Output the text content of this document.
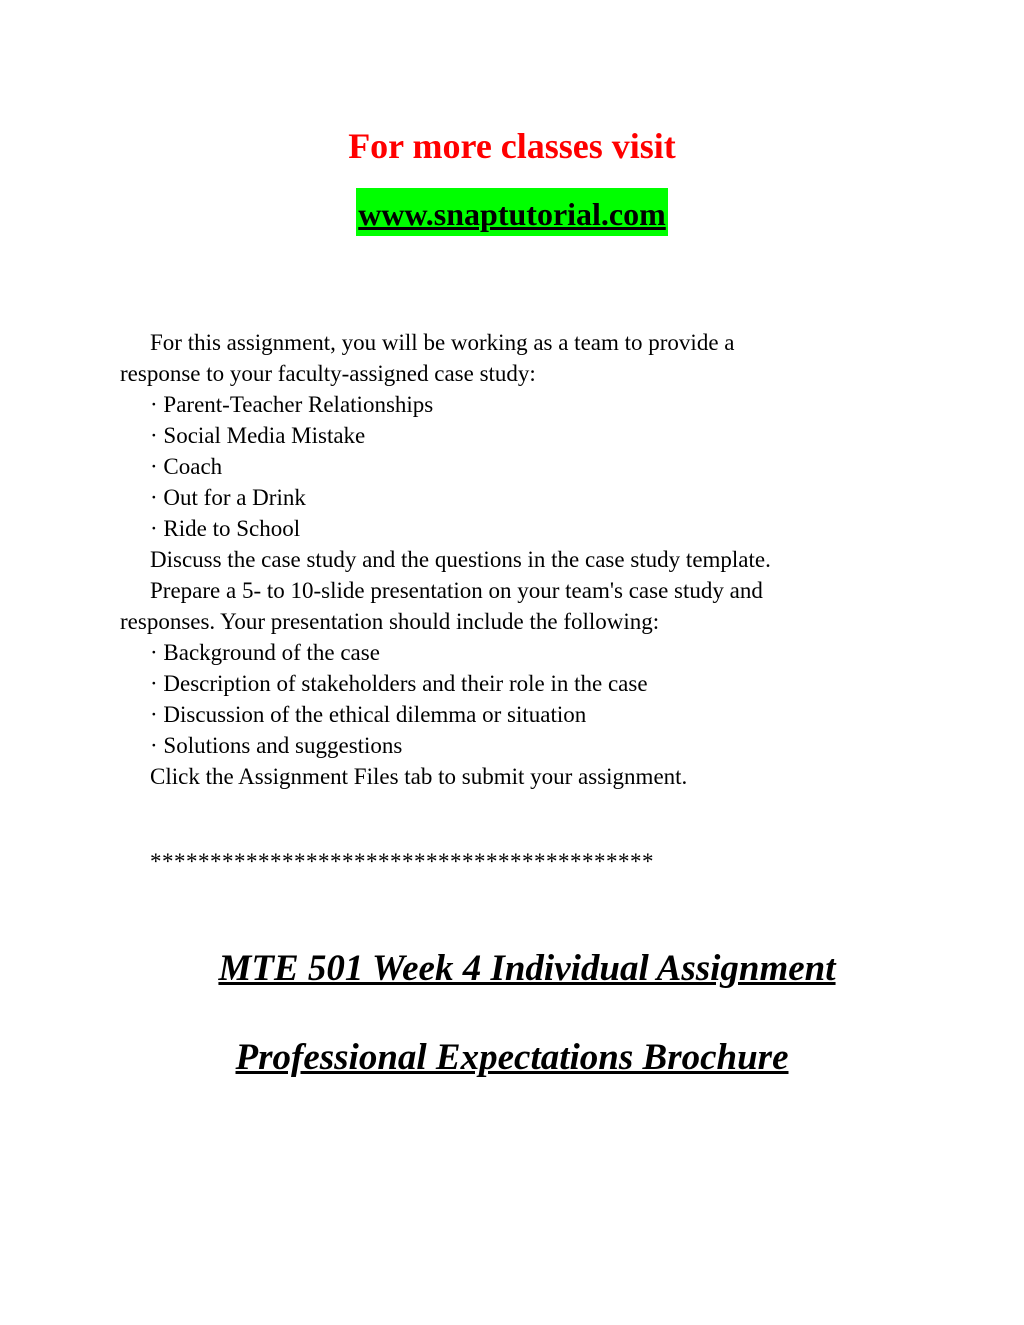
For more classes visit
www.snaptutorial.com

For this assignment, you will be working as a team to provide a

response to your faculty-assigned case study:

· Parent-Teacher Relationships

· Social Media Mistake

· Coach

· Out for a Drink

· Ride to School

Discuss the case study and the questions in the case study template.

Prepare a 5- to 10-slide presentation on your team's case study and

responses. Your presentation should include the following:

· Background of the case

· Description of stakeholders and their role in the case

· Discussion of the ethical dilemma or situation

· Solutions and suggestions

Click the Assignment Files tab to submit your assignment.

******************************************

MTE 501 Week 4 Individual Assignment
Professional Expectations Brochure
